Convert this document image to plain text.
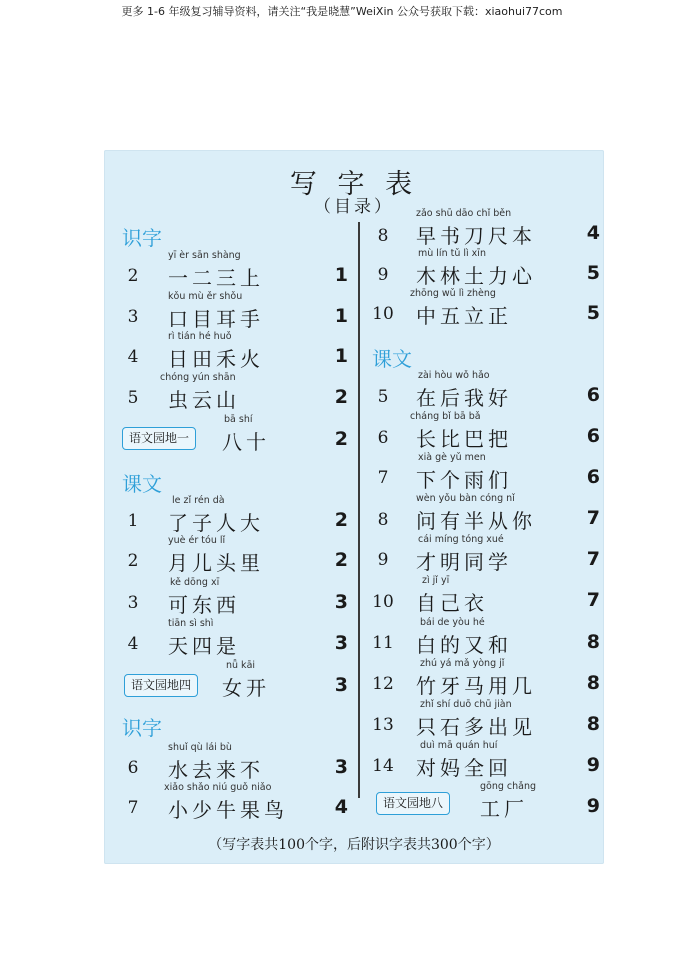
更多 1-6 年级复习辅导资料，请关注“我是晓慧”WeiXin 公众号获取下载：xiaohui77com
写 字 表
（目录）
识字
课文
识字
课文
2
yī èr sān shàng
一二三上	1
3
kǒu mù ěr shǒu
口目耳手	1
4
rì tián hé huǒ
日田禾火	1
5
chóng yún shān
虫云山	2
语文园地一
bā shí
八十	2
1
le zǐ rén dà
了子人大	2
2
yuè ér tóu lǐ
月儿头里	2
3
kě dōng xī
可东西	3
4
tiān sì shì
天四是	3
语文园地四
nǚ kāi
女开	3
6
shuǐ qù lái bù
水去来不	3
7
xiǎo shǎo niú guǒ niǎo
小少牛果鸟	4
8
zǎo shū dāo chǐ běn
早书刀尺本	4
9
mù lín tǔ lì xīn
木林土力心	5
10
zhōng wǔ lì zhèng
中五立正	5
5
zài hòu wǒ hǎo
在后我好	6
6
cháng bǐ bā bǎ
长比巴把	6
7
xià gè yǔ men
下个雨们	6
8
wèn yǒu bàn cóng nǐ
问有半从你	7
9
cái míng tóng xué
才明同学	7
10
zì jǐ yī
自己衣	7
11
bái de yòu hé
白的又和	8
12
zhú yá mǎ yòng jǐ
竹牙马用几	8
13
zhǐ shí duō chū jiàn
只石多出见	8
14
duì mā quán huí
对妈全回	9
语文园地八
gōng chǎng
工厂	9
（写字表共100个字，后附识字表共300个字）
